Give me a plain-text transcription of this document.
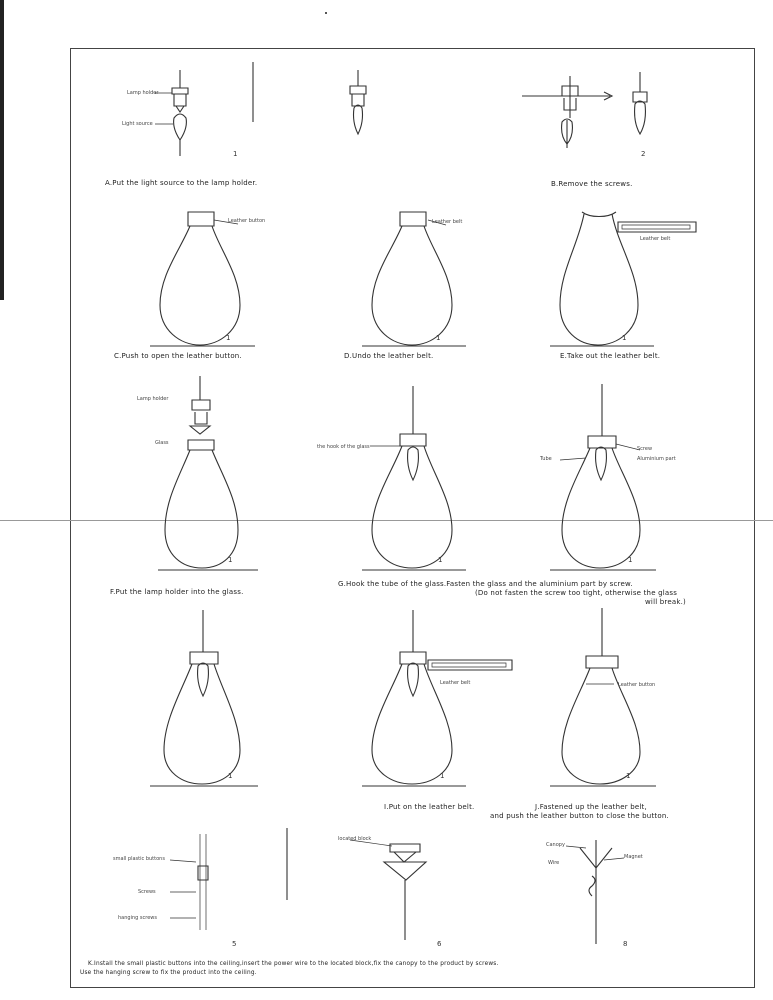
1	2
1	1	1
1	1	1
1	1	1
5	6	8
Lamp holder
Light source
Leather button	Leather belt
Leather belt
Lamp holder
Glass
the hook of the glass	Screw
Aluminium part
Tube
Leather belt	Leather button
small plastic buttons
Screws
hanging screws
located block
Canopy
Magnet
Wire
A.Put the light source to the lamp holder.	B.Remove the screws.
C.Push to open the leather button.	D.Undo the leather belt.	E.Take out the leather belt.
F.Put the lamp holder into the glass.
G.Hook the tube of the glass.Fasten the glass and the aluminium part by screw.
(Do not fasten the screw too tight, otherwise the glass
will break.)
I.Put on the leather belt.	J.Fastened up the leather belt,
and push the leather button to close the button.
K.Install the small plastic buttons into the ceiling,insert the power wire to the located block,fix the canopy to the product by screws.
Use the hanging screw to fix the product into the ceiling.
